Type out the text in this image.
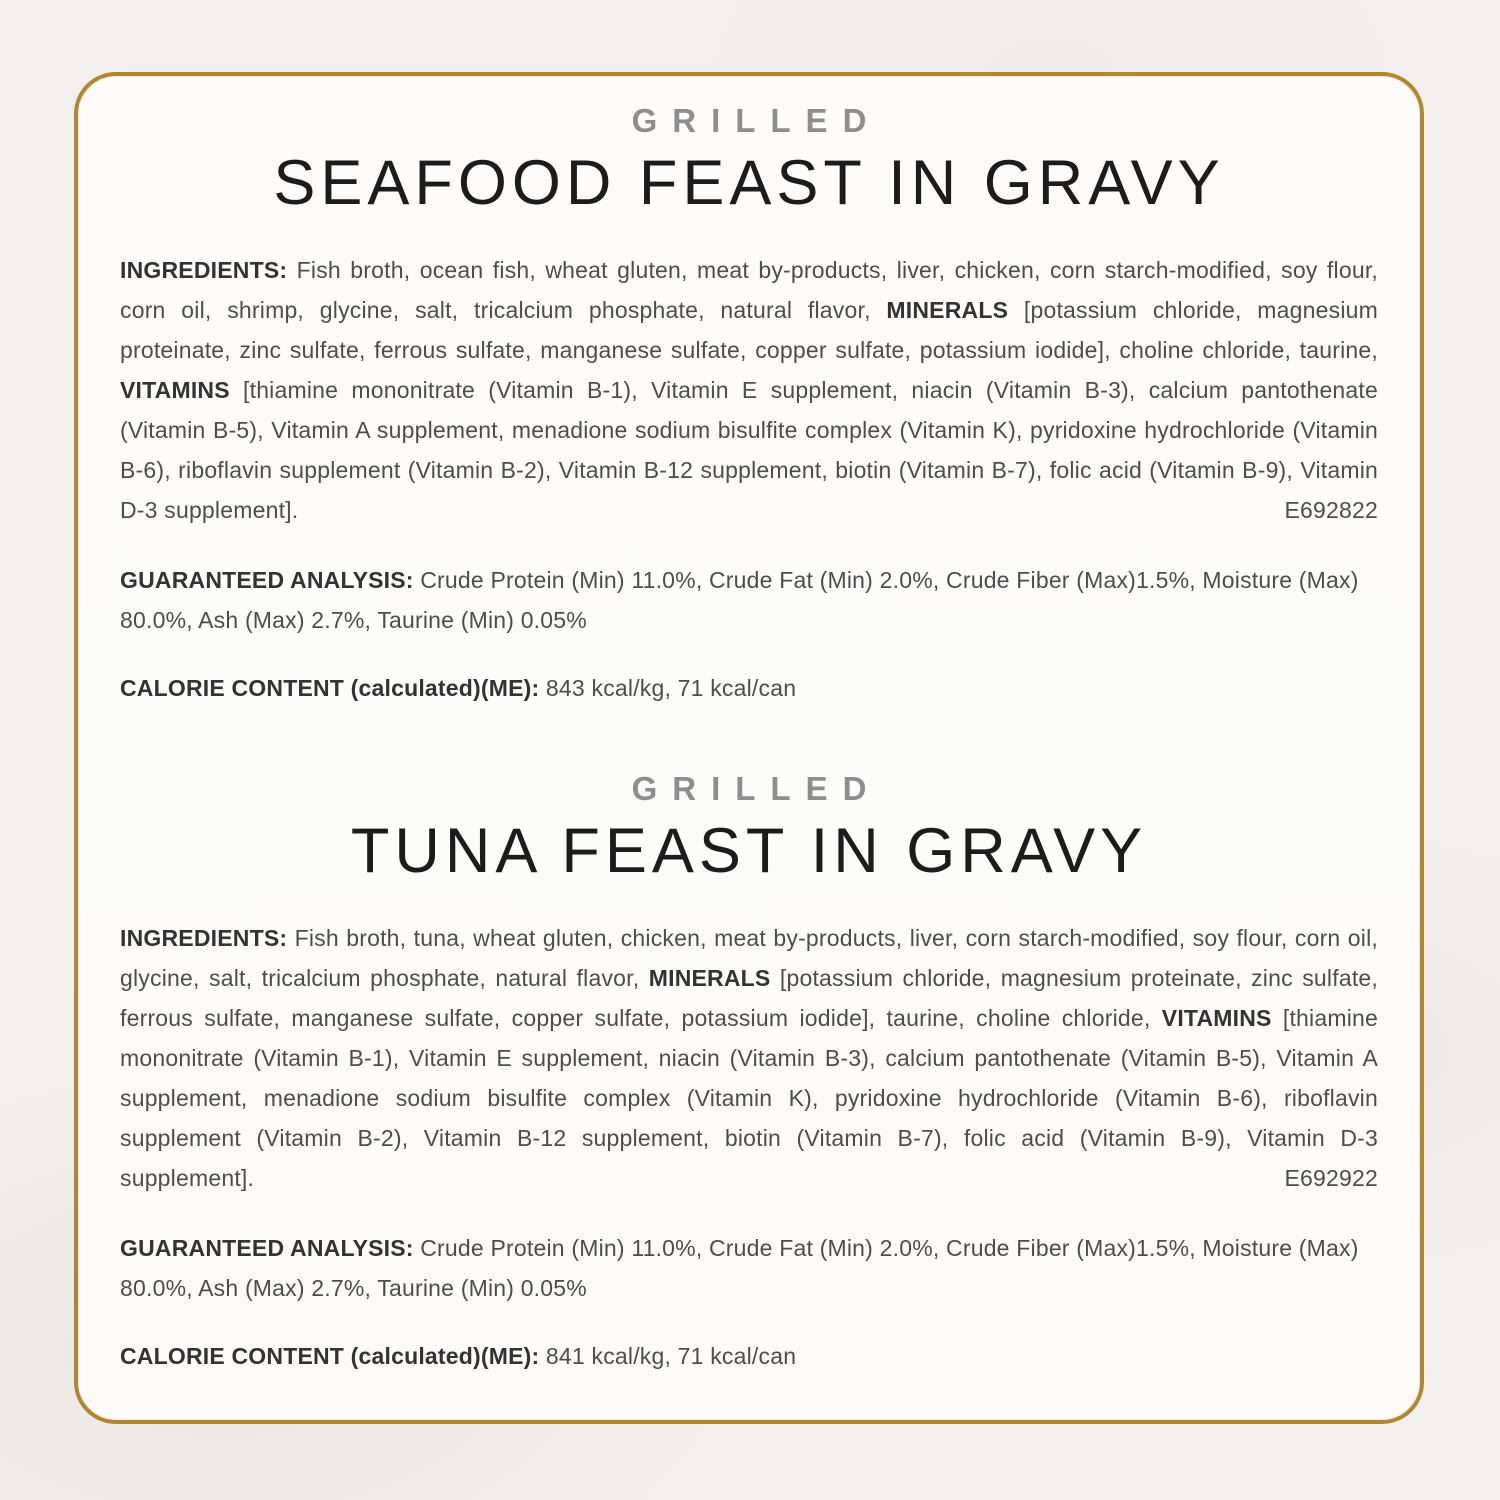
GRILLED
SEAFOOD FEAST IN GRAVY

INGREDIENTS: Fish broth, ocean fish, wheat gluten, meat by-products, liver, chicken, corn starch-modified, soy flour, corn oil, shrimp, glycine, salt, tricalcium phosphate, natural flavor, MINERALS [potassium chloride, magnesium proteinate, zinc sulfate, ferrous sulfate, manganese sulfate, copper sulfate, potassium iodide], choline chloride, taurine, VITAMINS [thiamine mononitrate (Vitamin B-1), Vitamin E supplement, niacin (Vitamin B-3), calcium pantothenate (Vitamin B-5), Vitamin A supplement, menadione sodium bisulfite complex (Vitamin K), pyridoxine hydrochloride (Vitamin B-6), riboflavin supplement (Vitamin B-2), Vitamin B-12 supplement, biotin (Vitamin B-7), folic acid (Vitamin B-9), Vitamin D-3 supplement].	E692822

GUARANTEED ANALYSIS: Crude Protein (Min) 11.0%, Crude Fat (Min) 2.0%, Crude Fiber (Max)1.5%, Moisture (Max) 80.0%, Ash (Max) 2.7%, Taurine (Min) 0.05%

CALORIE CONTENT (calculated)(ME): 843 kcal/kg, 71 kcal/can

GRILLED
TUNA FEAST IN GRAVY

INGREDIENTS: Fish broth, tuna, wheat gluten, chicken, meat by-products, liver, corn starch-modified, soy flour, corn oil, glycine, salt, tricalcium phosphate, natural flavor, MINERALS [potassium chloride, magnesium proteinate, zinc sulfate, ferrous sulfate, manganese sulfate, copper sulfate, potassium iodide], taurine, choline chloride, VITAMINS [thiamine mononitrate (Vitamin B-1), Vitamin E supplement, niacin (Vitamin B-3), calcium pantothenate (Vitamin B-5), Vitamin A supplement, menadione sodium bisulfite complex (Vitamin K), pyridoxine hydrochloride (Vitamin B-6), riboflavin supplement (Vitamin B-2), Vitamin B-12 supplement, biotin (Vitamin B-7), folic acid (Vitamin B-9), Vitamin D-3 supplement].	E692922

GUARANTEED ANALYSIS: Crude Protein (Min) 11.0%, Crude Fat (Min) 2.0%, Crude Fiber (Max)1.5%, Moisture (Max) 80.0%, Ash (Max) 2.7%, Taurine (Min) 0.05%

CALORIE CONTENT (calculated)(ME): 841 kcal/kg, 71 kcal/can
